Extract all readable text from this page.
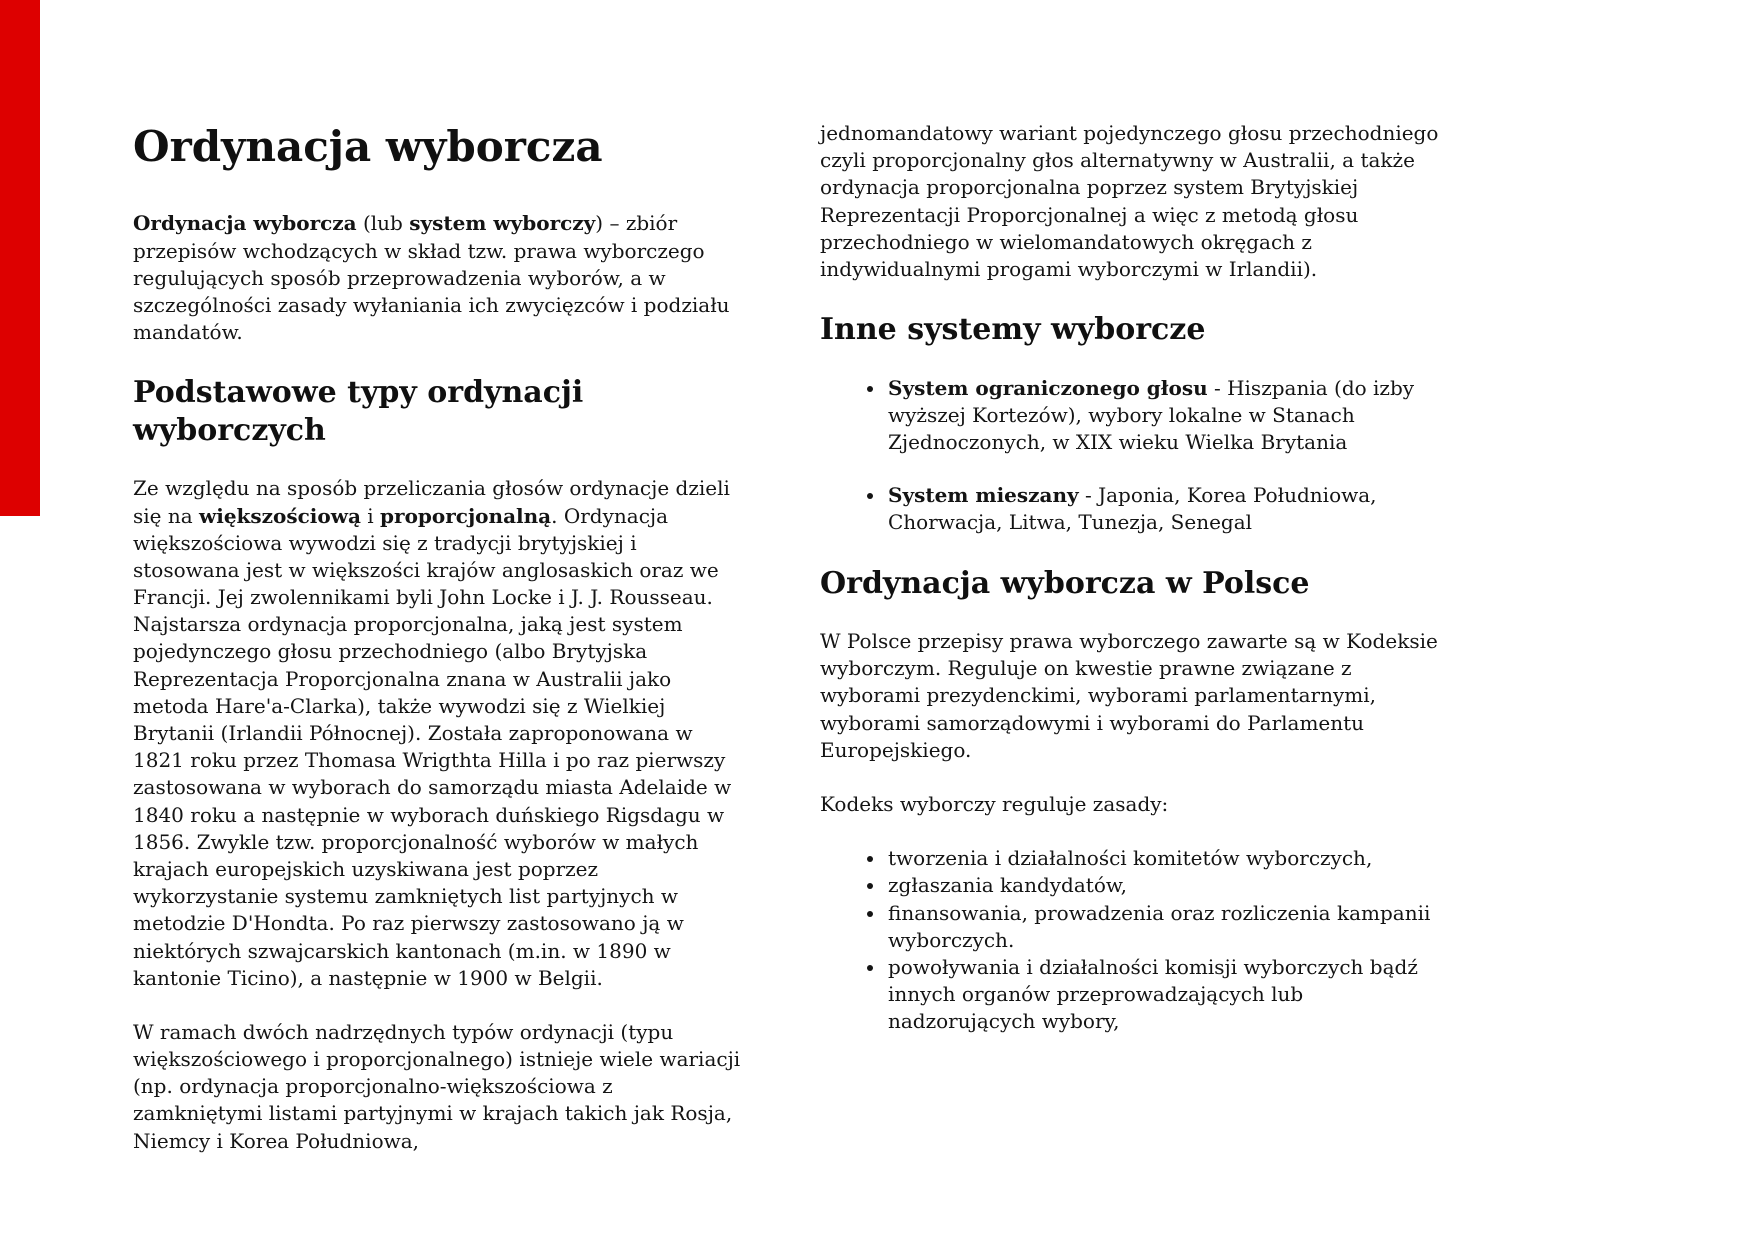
Ordynacja wyborcza

Ordynacja wyborcza (lub system wyborczy) – zbiór przepisów wchodzących w skład tzw. prawa wyborczego regulujących sposób przeprowadzenia wyborów, a w szczególności zasady wyłaniania ich zwycięzców i podziału mandatów.

Podstawowe typy ordynacji wyborczych

Ze względu na sposób przeliczania głosów ordynacje dzieli się na większościową i proporcjonalną. Ordynacja większościowa wywodzi się z tradycji brytyjskiej i stosowana jest w większości krajów anglosaskich oraz we Francji. Jej zwolennikami byli John Locke i J. J. Rousseau. Najstarsza ordynacja proporcjonalna, jaką jest system pojedynczego głosu przechodniego (albo Brytyjska Reprezentacja Proporcjonalna znana w Australii jako metoda Hare'a-Clarka), także wywodzi się z Wielkiej Brytanii (Irlandii Północnej). Została zaproponowana w 1821 roku przez Thomasa Wrigthta Hilla i po raz pierwszy zastosowana w wyborach do samorządu miasta Adelaide w 1840 roku a następnie w wyborach duńskiego Rigsdagu w 1856. Zwykle tzw. proporcjonalność wyborów w małych krajach europejskich uzyskiwana jest poprzez wykorzystanie systemu zamkniętych list partyjnych w metodzie D'Hondta. Po raz pierwszy zastosowano ją w niektórych szwajcarskich kantonach (m.in. w 1890 w kantonie Ticino), a następnie w 1900 w Belgii.

W ramach dwóch nadrzędnych typów ordynacji (typu większościowego i proporcjonalnego) istnieje wiele wariacji (np. ordynacja proporcjonalno-większościowa z zamkniętymi listami partyjnymi w krajach takich jak Rosja, Niemcy i Korea Południowa,

jednomandatowy wariant pojedynczego głosu przechodniego czyli proporcjonalny głos alternatywny w Australii, a także ordynacja proporcjonalna poprzez system Brytyjskiej Reprezentacji Proporcjonalnej a więc z metodą głosu przechodniego w wielomandatowych okręgach z indywidualnymi progami wyborczymi w Irlandii).

Inne systemy wyborcze
• System ograniczonego głosu - Hiszpania (do izby wyższej Kortezów), wybory lokalne w Stanach Zjednoczonych, w XIX wieku Wielka Brytania
• System mieszany - Japonia, Korea Południowa, Chorwacja, Litwa, Tunezja, Senegal
Ordynacja wyborcza w Polsce

W Polsce przepisy prawa wyborczego zawarte są w Kodeksie wyborczym. Reguluje on kwestie prawne związane z wyborami prezydenckimi, wyborami parlamentarnymi, wyborami samorządowymi i wyborami do Parlamentu Europejskiego.

Kodeks wyborczy reguluje zasady:

• tworzenia i działalności komitetów wyborczych,
• zgłaszania kandydatów,
• finansowania, prowadzenia oraz rozliczenia kampanii wyborczych.
• powoływania i działalności komisji wyborczych bądź innych organów przeprowadzających lub nadzorujących wybory,
